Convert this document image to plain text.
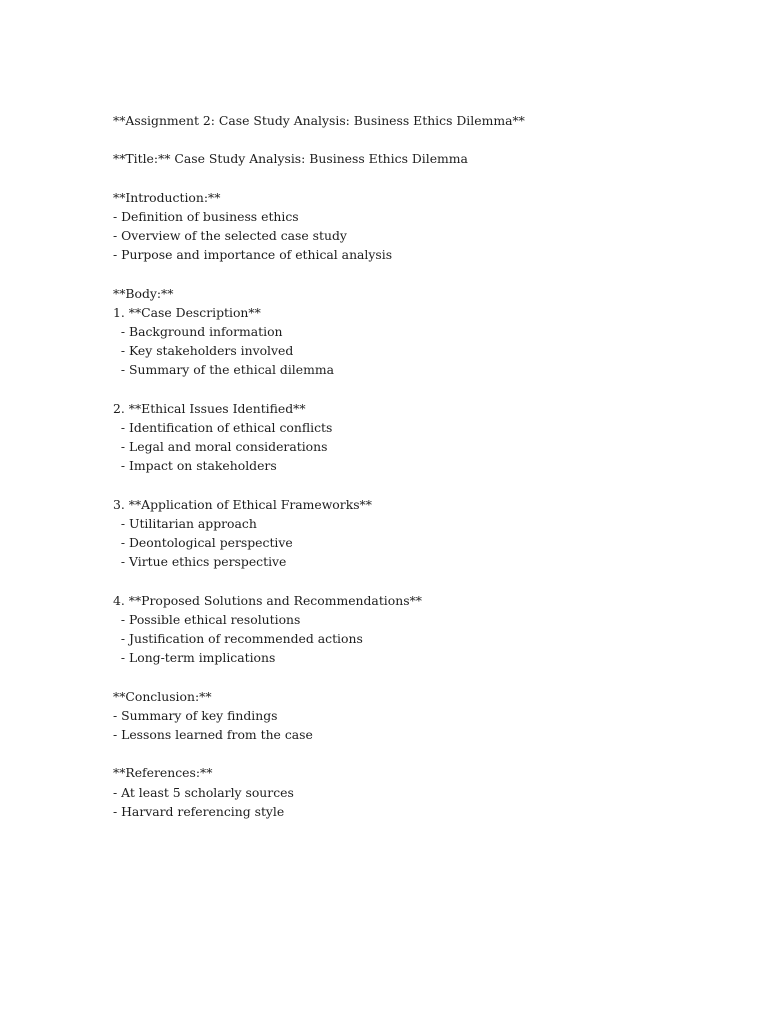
**Assignment 2: Case Study Analysis: Business Ethics Dilemma**
**Title:** Case Study Analysis: Business Ethics Dilemma
**Introduction:**
- Definition of business ethics
- Overview of the selected case study
- Purpose and importance of ethical analysis
**Body:**
1. **Case Description**
- Background information
- Key stakeholders involved
- Summary of the ethical dilemma
2. **Ethical Issues Identified**
- Identification of ethical conflicts
- Legal and moral considerations
- Impact on stakeholders
3. **Application of Ethical Frameworks**
- Utilitarian approach
- Deontological perspective
- Virtue ethics perspective
4. **Proposed Solutions and Recommendations**
- Possible ethical resolutions
- Justification of recommended actions
- Long-term implications
**Conclusion:**
- Summary of key findings
- Lessons learned from the case
**References:**
- At least 5 scholarly sources
- Harvard referencing style
